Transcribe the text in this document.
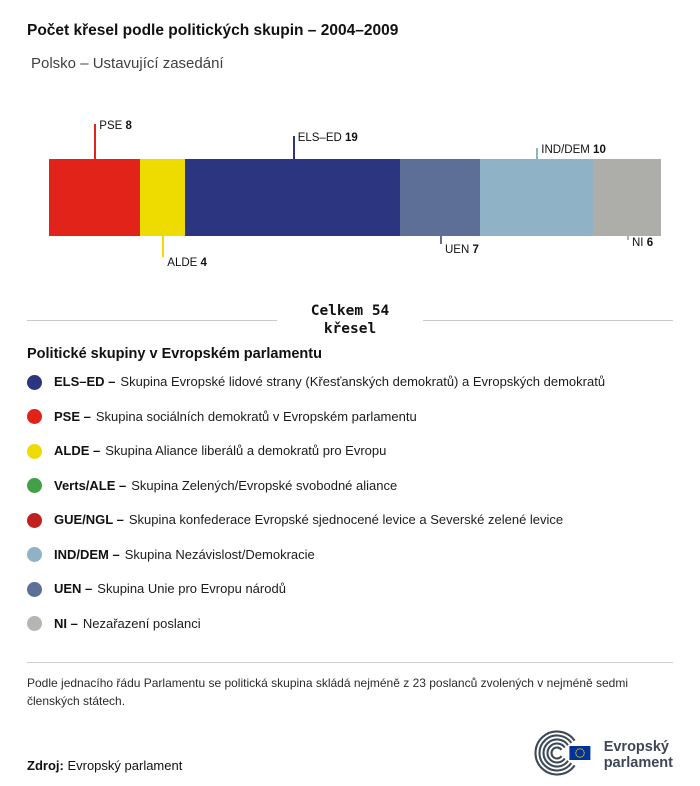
Počet křesel podle politických skupin – 2004–2009
Polsko – Ustavující zasedání
PSE 8
ALDE 4
ELS–ED 19
UEN 7
IND/DEM 10
NI 6
Celkem 54
křesel
Politické skupiny v Evropském parlamentu
ELS–ED – Skupina Evropské lidové strany (Křesťanských demokratů) a Evropských demokratů
PSE – Skupina sociálních demokratů v Evropském parlamentu
ALDE – Skupina Aliance liberálů a demokratů pro Evropu
Verts/ALE – Skupina Zelených/Evropské svobodné aliance
GUE/NGL – Skupina konfederace Evropské sjednocené levice a Severské zelené levice
IND/DEM – Skupina Nezávislost/Demokracie
UEN – Skupina Unie pro Evropu národů
NI – Nezařazení poslanci

Podle jednacího řádu Parlamentu se politická skupina skládá nejméně z 23 poslanců zvolených v nejméně sedmi členských státech.

Zdroj: Evropský parlament
Evropský
parlament
